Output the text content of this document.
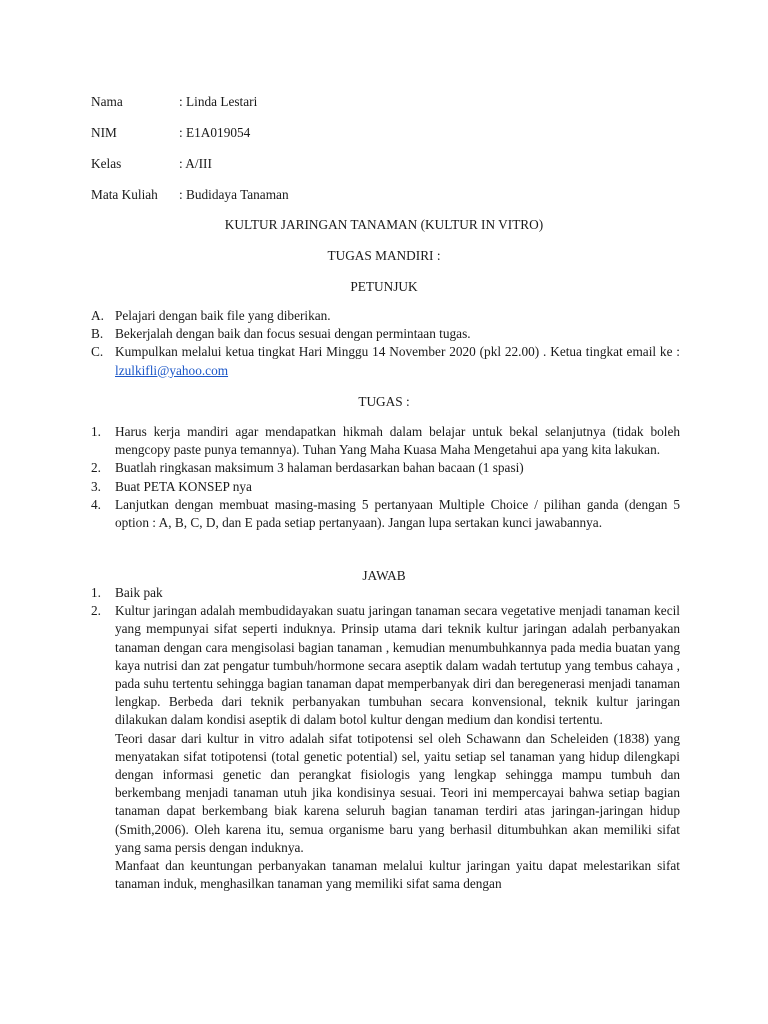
Nama	: Linda Lestari
NIM	: E1A019054
Kelas	: A/III
Mata Kuliah	: Budidaya Tanaman
KULTUR JARINGAN TANAMAN (KULTUR IN VITRO)
TUGAS MANDIRI :
PETUNJUK
A. Pelajari dengan baik file yang diberikan.
B. Bekerjalah dengan baik dan focus sesuai dengan permintaan tugas.
C. Kumpulkan melalui ketua tingkat Hari Minggu 14 November 2020 (pkl 22.00) . Ketua tingkat email ke : lzulkifli@yahoo.com
TUGAS :
1.	Harus kerja mandiri agar mendapatkan hikmah dalam belajar untuk bekal selanjutnya (tidak boleh mengcopy paste punya temannya). Tuhan Yang Maha Kuasa Maha Mengetahui apa yang kita lakukan.
2.	Buatlah ringkasan maksimum 3 halaman berdasarkan bahan bacaan (1 spasi)
3.	Buat PETA KONSEP nya
4.	Lanjutkan dengan membuat masing-masing 5 pertanyaan Multiple Choice / pilihan ganda (dengan 5 option : A, B, C, D, dan E pada setiap pertanyaan). Jangan lupa sertakan kunci jawabannya.
JAWAB
1.	Baik pak
2.	Kultur jaringan adalah membudidayakan suatu jaringan tanaman secara vegetative menjadi tanaman kecil yang mempunyai sifat seperti induknya. Prinsip utama dari teknik kultur jaringan adalah perbanyakan tanaman dengan cara mengisolasi bagian tanaman , kemudian menumbuhkannya pada media buatan yang kaya nutrisi dan zat pengatur tumbuh/hormone secara aseptik dalam wadah tertutup yang tembus cahaya , pada suhu tertentu sehingga bagian tanaman dapat memperbanyak diri dan beregenerasi menjadi tanaman lengkap. Berbeda dari teknik perbanyakan tumbuhan secara konvensional, teknik kultur jaringan dilakukan dalam kondisi aseptik di dalam botol kultur dengan medium dan kondisi tertentu.
Teori dasar dari kultur in vitro adalah sifat totipotensi sel oleh Schawann dan Scheleiden (1838) yang menyatakan sifat totipotensi (total genetic potential) sel, yaitu setiap sel tanaman yang hidup dilengkapi dengan informasi genetic dan perangkat fisiologis yang lengkap sehingga mampu tumbuh dan berkembang menjadi tanaman utuh jika kondisinya sesuai. Teori ini mempercayai bahwa setiap bagian tanaman dapat berkembang biak karena seluruh bagian tanaman terdiri atas jaringan-jaringan hidup (Smith,2006). Oleh karena itu, semua organisme baru yang berhasil ditumbuhkan akan memiliki sifat yang sama persis dengan induknya.
Manfaat dan keuntungan perbanyakan tanaman melalui kultur jaringan yaitu dapat melestarikan sifat tanaman induk, menghasilkan tanaman yang memiliki sifat sama dengan
